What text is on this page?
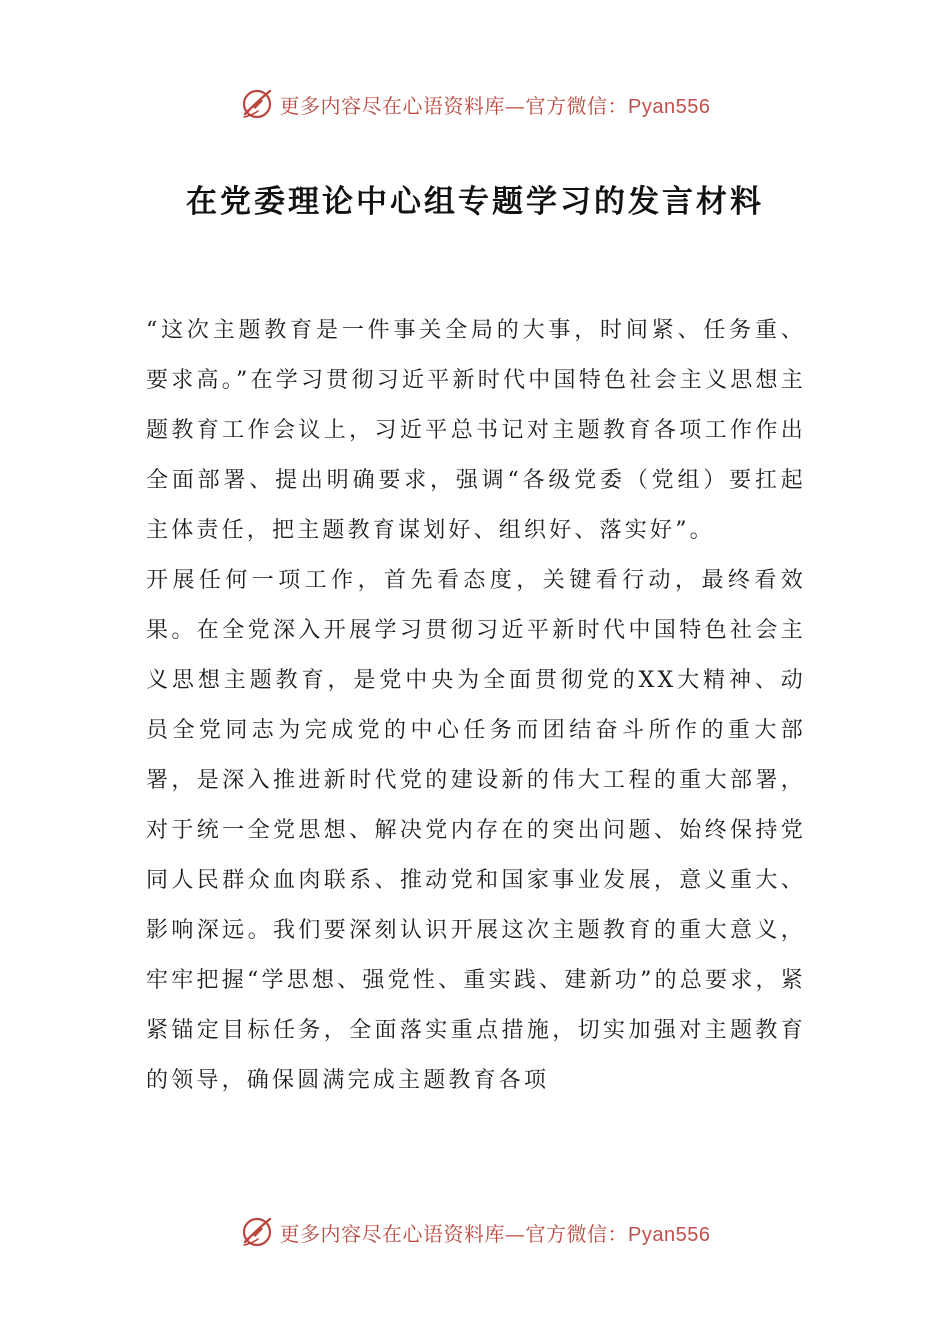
更多内容尽在心语资料库—官方微信：Pyan556
在党委理论中心组专题学习的发言材料

“这次主题教育是一件事关全局的大事，时间紧、任务重、要求高。”在学习贯彻习近平新时代中国特色社会主义思想主题教育工作会议上，习近平总书记对主题教育各项工作作出全面部署、提出明确要求，强调“各级党委（党组）要扛起主体责任，把主题教育谋划好、组织好、落实好”。

开展任何一项工作，首先看态度，关键看行动，最终看效果。在全党深入开展学习贯彻习近平新时代中国特色社会主义思想主题教育，是党中央为全面贯彻党的XX大精神、动员全党同志为完成党的中心任务而团结奋斗所作的重大部署，是深入推进新时代党的建设新的伟大工程的重大部署，对于统一全党思想、解决党内存在的突出问题、始终保持党同人民群众血肉联系、推动党和国家事业发展，意义重大、影响深远。我们要深刻认识开展这次主题教育的重大意义，牢牢把握“学思想、强党性、重实践、建新功”的总要求，紧紧锚定目标任务，全面落实重点措施，切实加强对主题教育的领导，确保圆满完成主题教育各项

更多内容尽在心语资料库—官方微信：Pyan556
